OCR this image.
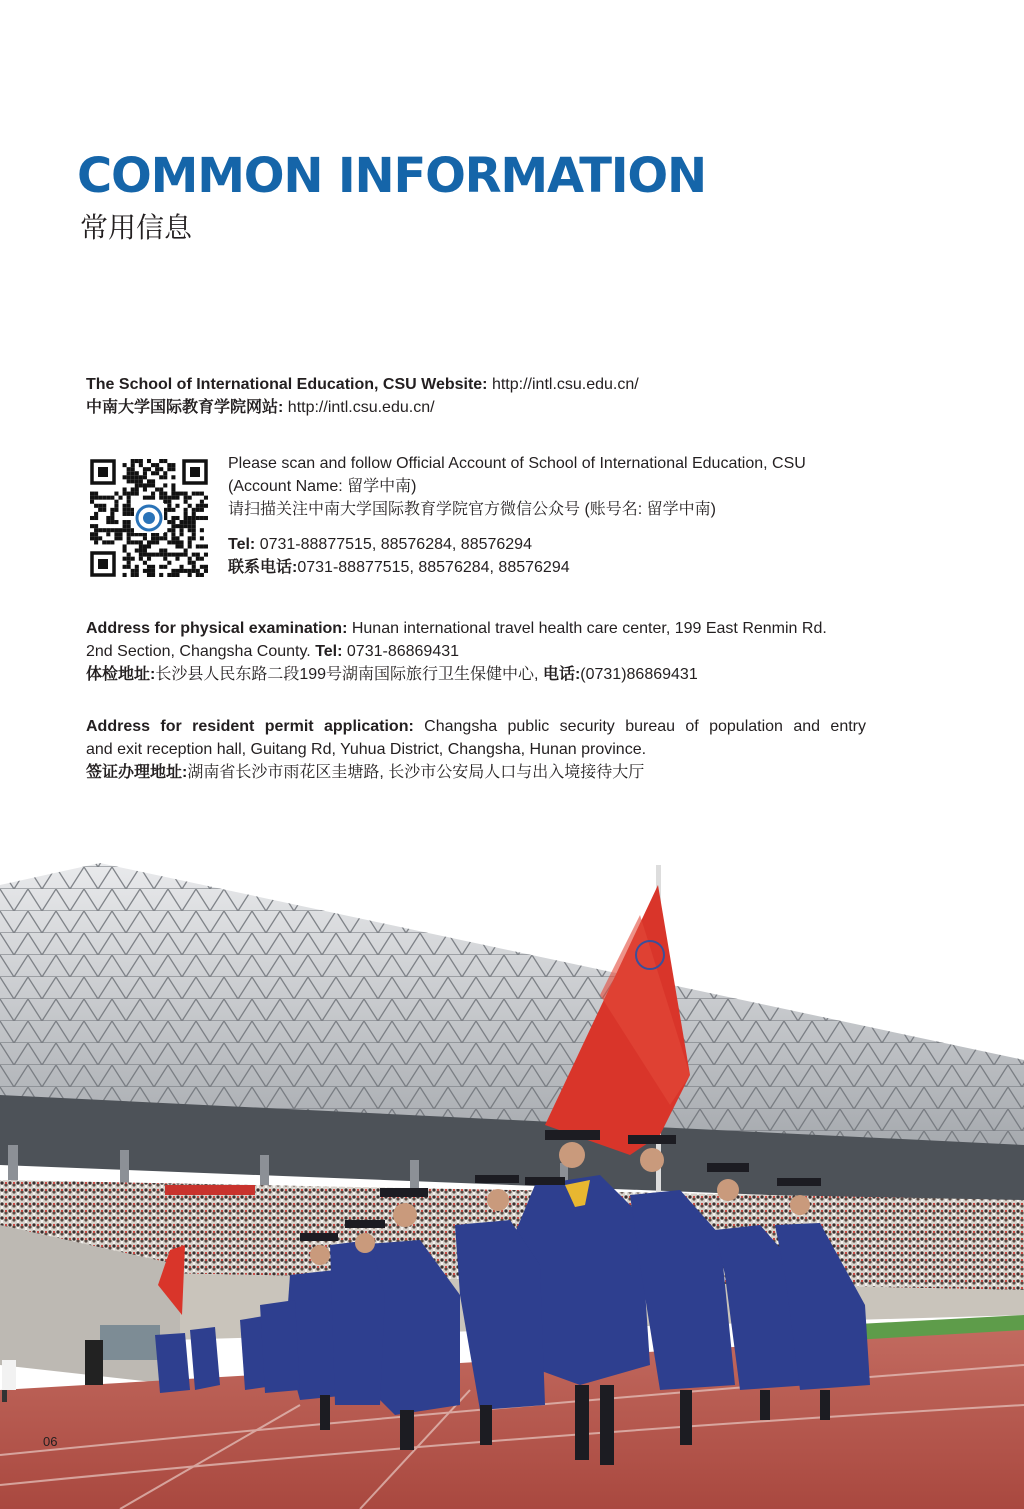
COMMON INFORMATION
常用信息
The School of International Education, CSU Website: http://intl.csu.edu.cn/
中南大学国际教育学院网站: http://intl.csu.edu.cn/
Please scan and follow Official Account of School of International Education, CSU
(Account Name: 留学中南)
请扫描关注中南大学国际教育学院官方微信公众号 (账号名: 留学中南)
Tel: 0731-88877515, 88576284, 88576294
联系电话:0731-88877515, 88576284, 88576294
Address for physical examination: Hunan international travel health care center, 199 East Renmin Rd.
2nd Section, Changsha County. Tel: 0731-86869431
体检地址:长沙县人民东路二段199号湖南国际旅行卫生保健中心, 电话:(0731)86869431
Address for resident permit application: Changsha public security bureau of population and entry
and exit reception hall, Guitang Rd, Yuhua District, Changsha, Hunan province.
签证办理地址:湖南省长沙市雨花区圭塘路, 长沙市公安局人口与出入境接待大厅
06
